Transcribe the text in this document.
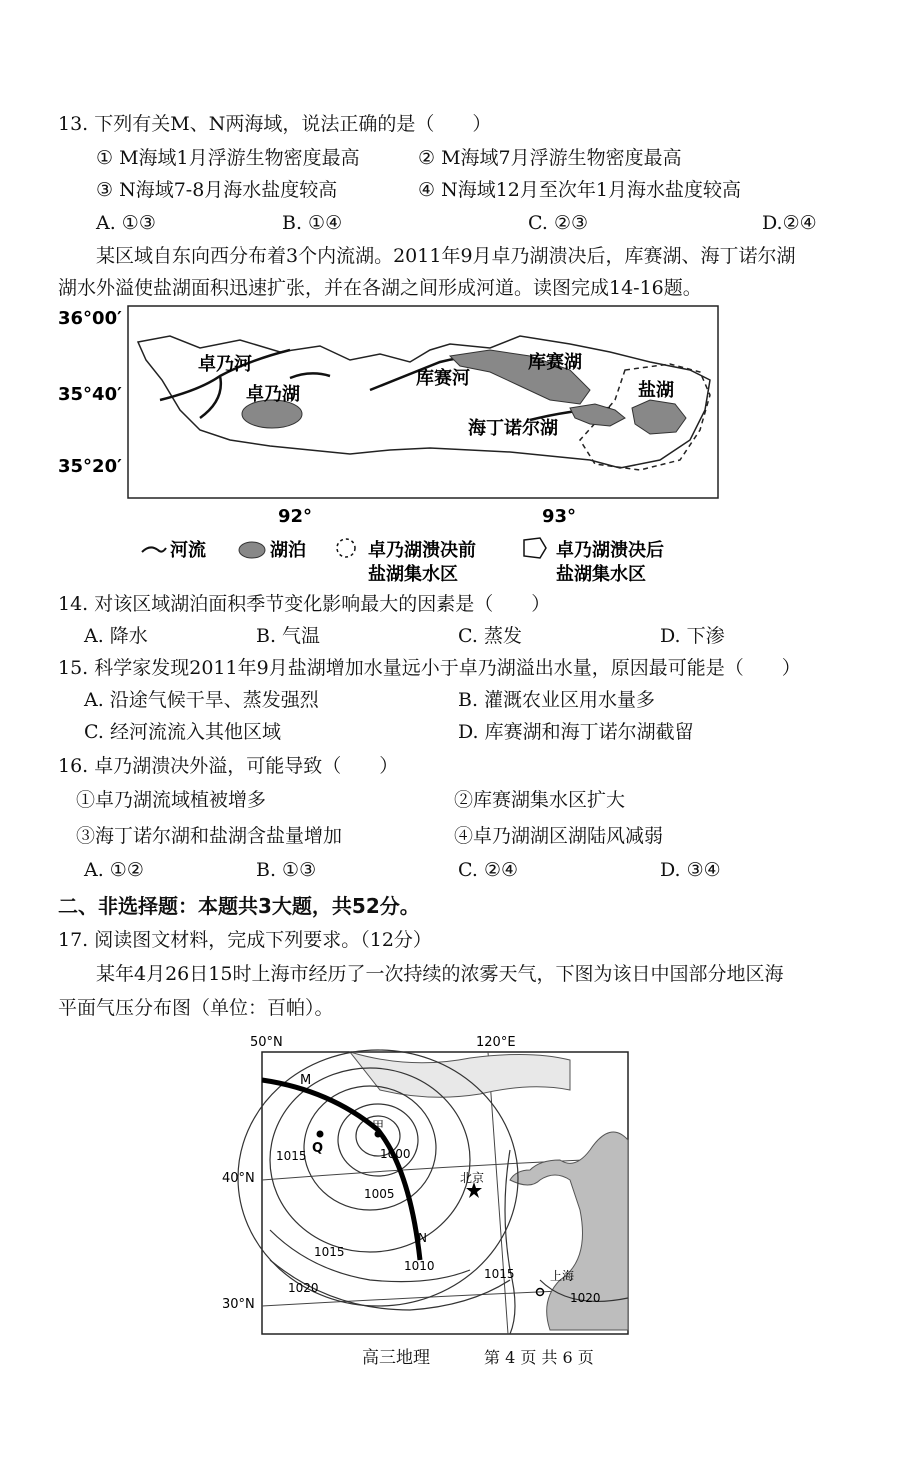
13. 下列有关M、N两海域，说法正确的是（　　）
① M海域1月浮游生物密度最高	② M海域7月浮游生物密度最高
③ N海域7-8月海水盐度较高	④ N海域12月至次年1月海水盐度较高
A. ①③	B. ①④	C. ②③	D.②④
某区域自东向西分布着3个内流湖。2011年9月卓乃湖溃决后，库赛湖、海丁诺尔湖
湖水外溢使盐湖面积迅速扩张，并在各湖之间形成河道。读图完成14-16题。
36°00′
35°40′
35°20′
92°	93°
卓乃河
卓乃湖
库赛河
库赛湖
盐湖
海丁诺尔湖
河流	湖泊	卓乃湖溃决前
盐湖集水区
卓乃湖溃决后
盐湖集水区
14. 对该区域湖泊面积季节变化影响最大的因素是（　　）
A. 降水	B. 气温	C. 蒸发	D. 下渗
15. 科学家发现2011年9月盐湖增加水量远小于卓乃湖溢出水量，原因最可能是（　　）
A. 沿途气候干旱、蒸发强烈	B. 灌溉农业区用水量多
C. 经河流流入其他区域	D. 库赛湖和海丁诺尔湖截留
16. 卓乃湖溃决外溢，可能导致（　　）
①卓乃湖流域植被增多	②库赛湖集水区扩大
③海丁诺尔湖和盐湖含盐量增加	④卓乃湖湖区湖陆风减弱
A. ①②	B. ①③	C. ②④	D. ③④
二、非选择题：本题共3大题，共52分。
17. 阅读图文材料，完成下列要求。（12分）
某年4月26日15时上海市经历了一次持续的浓雾天气，下图为该日中国部分地区海
平面气压分布图（单位：百帕）。
50°N	120°E
40°N
30°N
M
Q
甲
1000
1005
N
1010
北京
1015
1015
1015
1020
上海
1020
高三地理	第 4 页 共 6 页
